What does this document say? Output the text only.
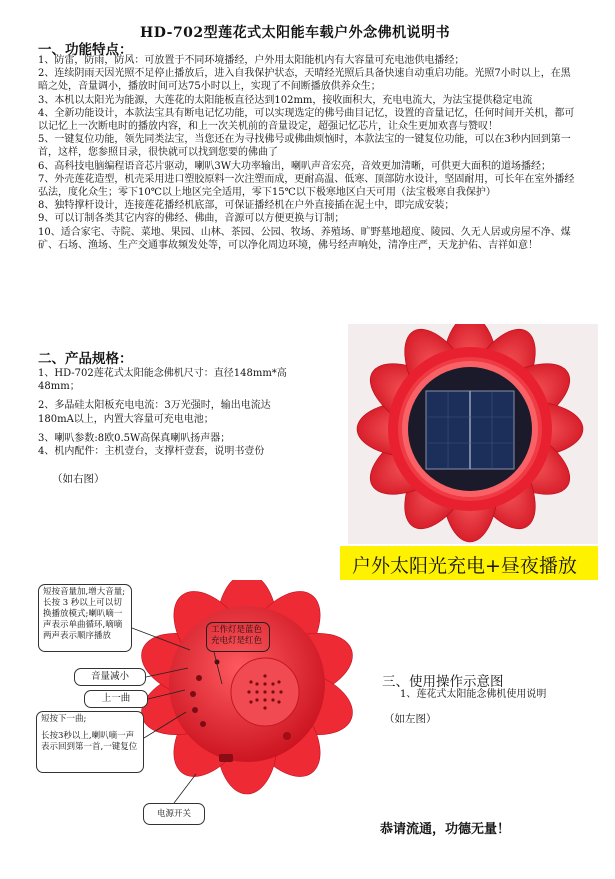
HD-702型莲花式太阳能车载户外念佛机说明书
一、功能特点：

1、防雷，防雨，防风：可放置于不同环境播经，户外用太阳能机内有大容量可充电池供电播经；

2、连续阴雨天因光照不足停止播放后，进入自我保护状态，天晴经光照后具备快速自动重启功能。光照7小时以上，在黑暗之处，音量调小，播放时间可达75小时以上，实现了不间断播放供养众生；

3、本机以太阳光为能源，大莲花的太阳能板直径达到102mm，接收面积大，充电电流大，为法宝提供稳定电流

4、全新功能设计，本款法宝具有断电记忆功能，可以实现选定的佛号曲目记忆，设置的音量记忆，任何时间开关机，都可以记忆上一次断电时的播放内容，和上一次关机前的音量设定，超强记忆芯片，让众生更加欢喜与赞叹！

5、一键复位功能，领先同类法宝，当您还在为寻找佛号或佛曲烦恼时，本款法宝的一键复位功能，可以在3秒内回到第一首，这样，您参照目录，很快就可以找到您要的佛曲了

6、高科技电脑编程语音芯片驱动，喇叭3W大功率输出，喇叭声音宏亮，音效更加清晰，可供更大面积的道场播经；

7、外壳莲花造型，机壳采用进口塑胶原料一次注塑而成，更耐高温、低寒、顶部防水设计，坚固耐用，可长年在室外播经弘法，度化众生；零下10℃以上地区完全适用，零下15℃以下极寒地区白天可用（法宝极寒自我保护）

8、独特撑杆设计，连接莲花播经机底部，可保证播经机在户外直接插在泥土中，即完成安装；

9、可以订制各类其它内容的佛经、佛曲，音源可以方便更换与订制；

10、适合家宅、寺院、菜地、果园、山林、茶园、公园、牧场、养殖场、旷野墓地超度、陵园、久无人居或房屋不净、煤矿、石场、渔场、生产交通事故频发处等，可以净化周边环境，佛号经声响处，清净庄严，天龙护佑、吉祥如意！

二、产品规格：

1、HD-702莲花式太阳能念佛机尺寸：直径148mm*高48mm；

2、多晶硅太阳板充电电流：3万光强时，输出电流达180mA以上，内置大容量可充电电池；

3、喇叭参数:8欧0.5W高保真喇叭扬声器；

4、机内配件：主机壹台，支撑杆壹套，说明书壹份

（如右图）
户外太阳光充电+昼夜播放
短按音量加,增大音量;长按 3 秒以上可以切换播放模式;喇叭嘀一声表示单曲循环,嘀嘀两声表示顺序播放
音量减小
上一曲
短按下一曲;
长按3秒以上,喇叭嘀一声表示回到第一首,一键复位
电源开关
工作灯是蓝色充电灯是红色
三、使用操作示意图
1、莲花式太阳能念佛机使用说明
（如左图）
恭请流通，功德无量！
